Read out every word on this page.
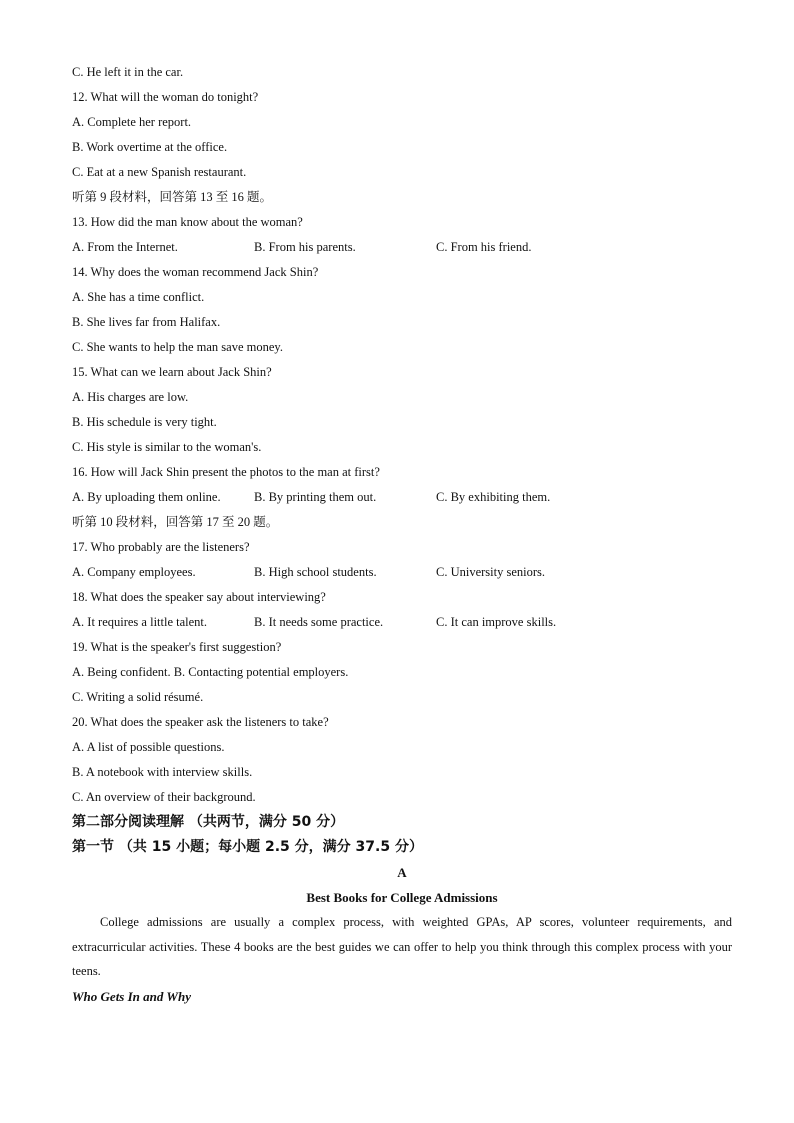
C. He left it in the car.
12. What will the woman do tonight?
A. Complete her report.
B. Work overtime at the office.
C. Eat at a new Spanish restaurant.
听第 9 段材料，回答第 13 至 16 题。
13. How did the man know about the woman?
A. From the Internet.	B. From his parents.	C. From his friend.
14. Why does the woman recommend Jack Shin?
A. She has a time conflict.
B. She lives far from Halifax.
C. She wants to help the man save money.
15. What can we learn about Jack Shin?
A. His charges are low.
B. His schedule is very tight.
C. His style is similar to the woman's.
16. How will Jack Shin present the photos to the man at first?
A. By uploading them online.	B. By printing them out.	C. By exhibiting them.
听第 10 段材料，回答第 17 至 20 题。
17. Who probably are the listeners?
A. Company employees.	B. High school students.	C. University seniors.
18. What does the speaker say about interviewing?
A. It requires a little talent.	B. It needs some practice.	C. It can improve skills.
19. What is the speaker's first suggestion?
A. Being confident. B. Contacting potential employers.
C. Writing a solid résumé.
20. What does the speaker ask the listeners to take?
A. A list of possible questions.
B. A notebook with interview skills.
C. An overview of their background.
第二部分阅读理解 （共两节，满分 50 分）
第一节 （共 15 小题；每小题 2.5 分，满分 37.5 分）
A
Best Books for College Admissions
College admissions are usually a complex process, with weighted GPAs, AP scores, volunteer requirements, and extracurricular activities. These 4 books are the best guides we can offer to help you think through this complex process with your teens.
Who Gets In and Why
